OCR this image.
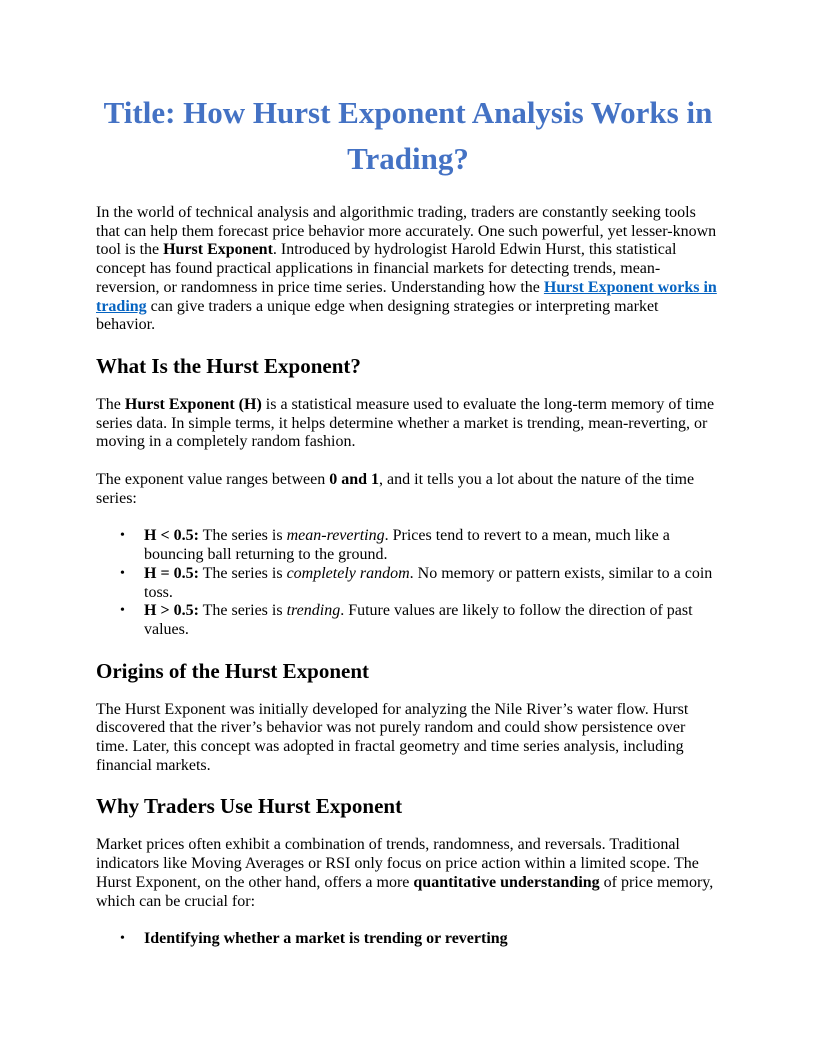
Title: How Hurst Exponent Analysis Works in Trading?

In the world of technical analysis and algorithmic trading, traders are constantly seeking tools that can help them forecast price behavior more accurately. One such powerful, yet lesser-known tool is the Hurst Exponent. Introduced by hydrologist Harold Edwin Hurst, this statistical concept has found practical applications in financial markets for detecting trends, mean-reversion, or randomness in price time series. Understanding how the Hurst Exponent works in trading can give traders a unique edge when designing strategies or interpreting market behavior.

What Is the Hurst Exponent?

The Hurst Exponent (H) is a statistical measure used to evaluate the long-term memory of time series data. In simple terms, it helps determine whether a market is trending, mean-reverting, or moving in a completely random fashion.

The exponent value ranges between 0 and 1, and it tells you a lot about the nature of the time series:

•	H < 0.5: The series is mean-reverting. Prices tend to revert to a mean, much like a bouncing ball returning to the ground.
•	H = 0.5: The series is completely random. No memory or pattern exists, similar to a coin toss.
•	H > 0.5: The series is trending. Future values are likely to follow the direction of past values.
Origins of the Hurst Exponent

The Hurst Exponent was initially developed for analyzing the Nile River’s water flow. Hurst discovered that the river’s behavior was not purely random and could show persistence over time. Later, this concept was adopted in fractal geometry and time series analysis, including financial markets.

Why Traders Use Hurst Exponent

Market prices often exhibit a combination of trends, randomness, and reversals. Traditional indicators like Moving Averages or RSI only focus on price action within a limited scope. The Hurst Exponent, on the other hand, offers a more quantitative understanding of price memory, which can be crucial for:

•	Identifying whether a market is trending or reverting
